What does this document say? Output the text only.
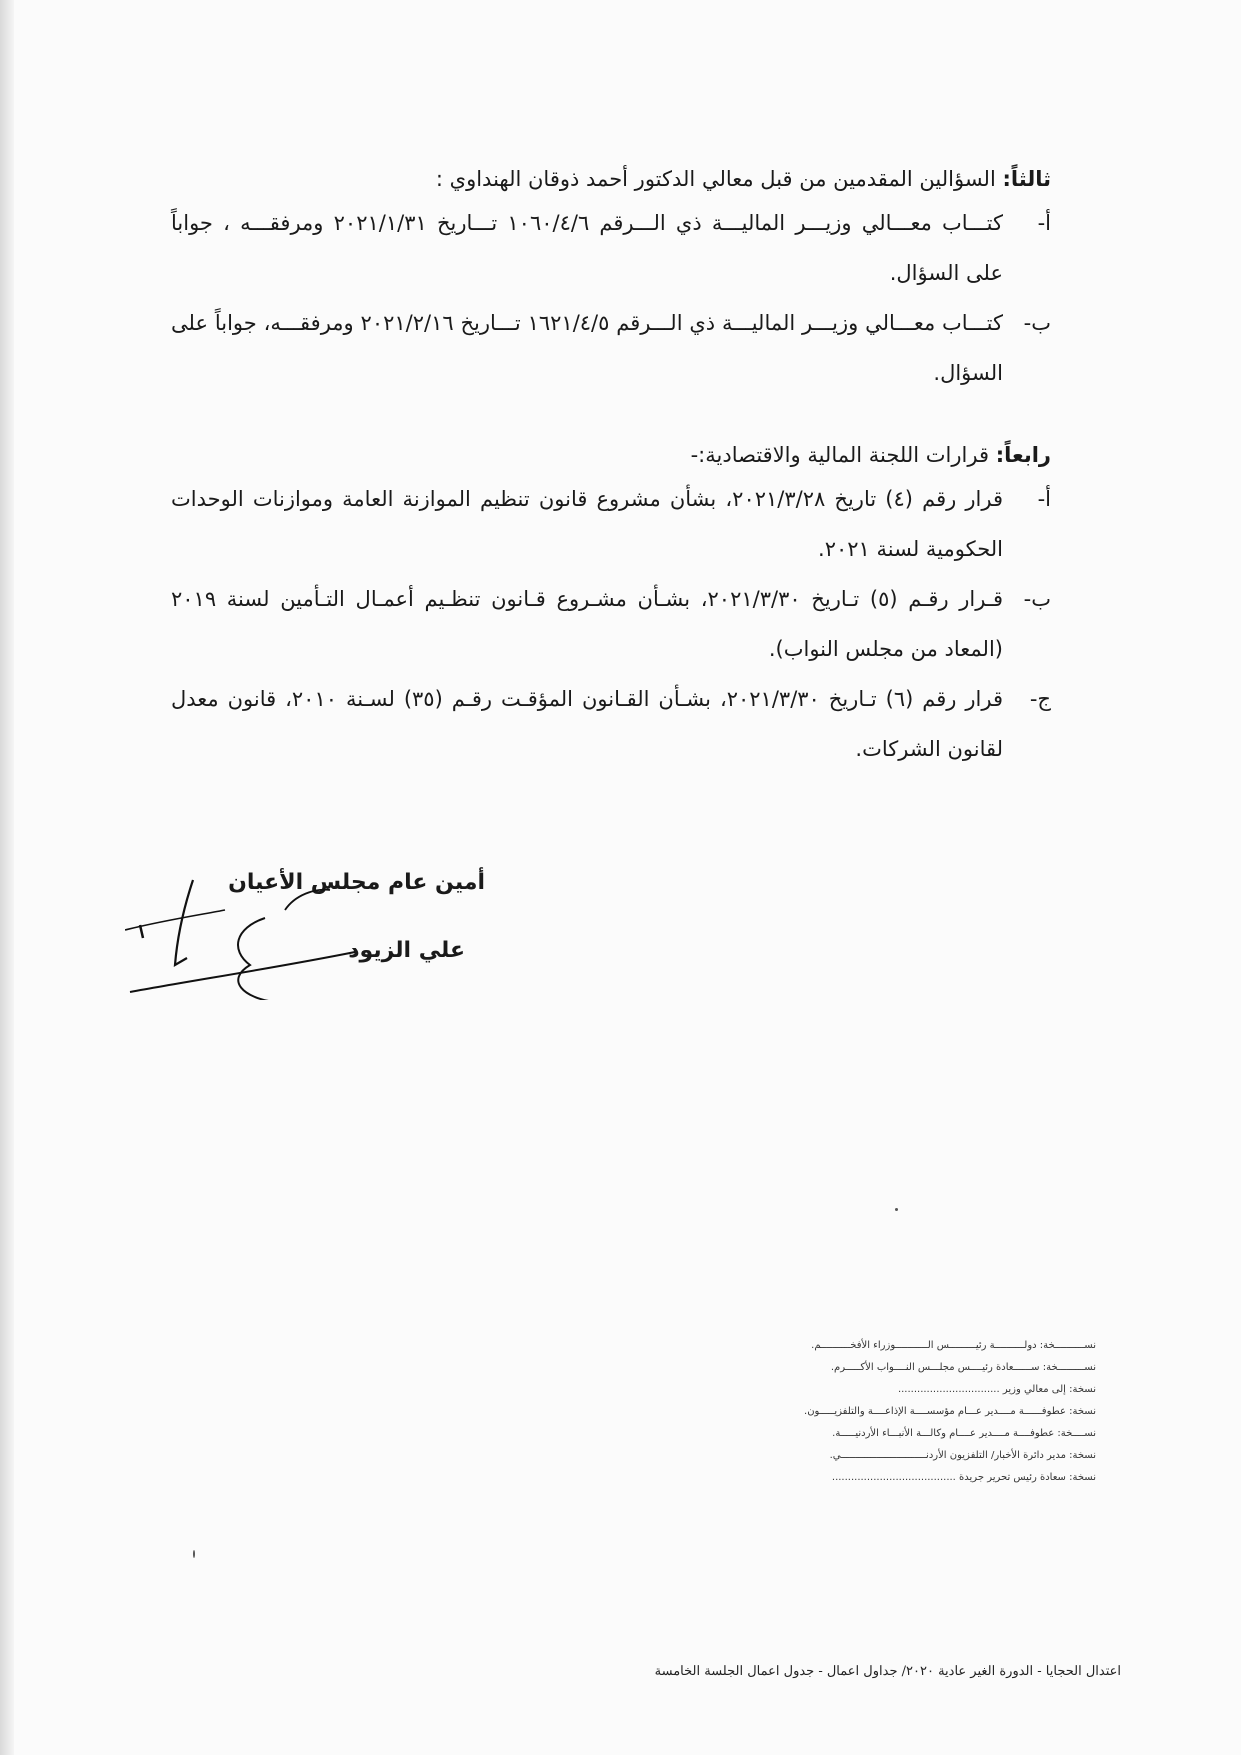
ثالثاً: السؤالين المقدمين من قبل معالي الدكتور أحمد ذوقان الهنداوي :

أ-
كتـــاب معـــالي وزيـــر الماليـــة ذي الـــرقم ١٠٦٠/٤/٦ تـــاريخ ٢٠٢١/١/٣١ ومرفقـــه ، جواباً على السؤال.
ب-
كتـــاب معـــالي وزيـــر الماليـــة ذي الـــرقم ١٦٢١/٤/٥ تـــاريخ ٢٠٢١/٢/١٦ ومرفقـــه، جواباً على السؤال.

رابعاً: قرارات اللجنة المالية والاقتصادية:-

أ-
قرار رقم (٤) تاريخ ٢٠٢١/٣/٢٨، بشأن مشروع قانون تنظيم الموازنة العامة وموازنات الوحدات الحكومية لسنة ٢٠٢١.
ب-
قـرار رقـم (٥) تـاريخ ٢٠٢١/٣/٣٠، بشـأن مشـروع قـانون تنظـيم أعمـال التـأمين لسنة ٢٠١٩ (المعاد من مجلس النواب).
ج-
قرار رقم (٦) تـاريخ ٢٠٢١/٣/٣٠، بشـأن القـانون المؤقـت رقـم (٣٥) لسـنة ٢٠١٠، قانون معدل لقانون الشركات.
أمين عام مجلس الأعيان
علي الزيود
نســــــــــخة: دولــــــــــة رئيـــــــــس الـــــــــــوزراء الأفخــــــــــم.
نســـــــــخة: ســــــعادة رئيــــس مجلـــس النــــواب الأكـــــرم.
نسخة: إلى معالي وزير ................................
نسخة: عطوفــــــة مــــدير عـــام مؤسســــة الإذاعــــة والتلفزيـــــون.
نســــخة: عطوفــــة مــــدير عــــام وكالـــة الأنبـــاء الأردنيـــــة.
نسخة: مدير دائرة الأخبار/ التلفزيون الأردنـــــــــــــــــــــــــــــي.
نسخة: سعادة رئيس تحرير جريدة .......................................
اعتدال الحجايا - الدورة الغير عادية ٢٠٢٠/ جداول اعمال - جدول اعمال الجلسة الخامسة
